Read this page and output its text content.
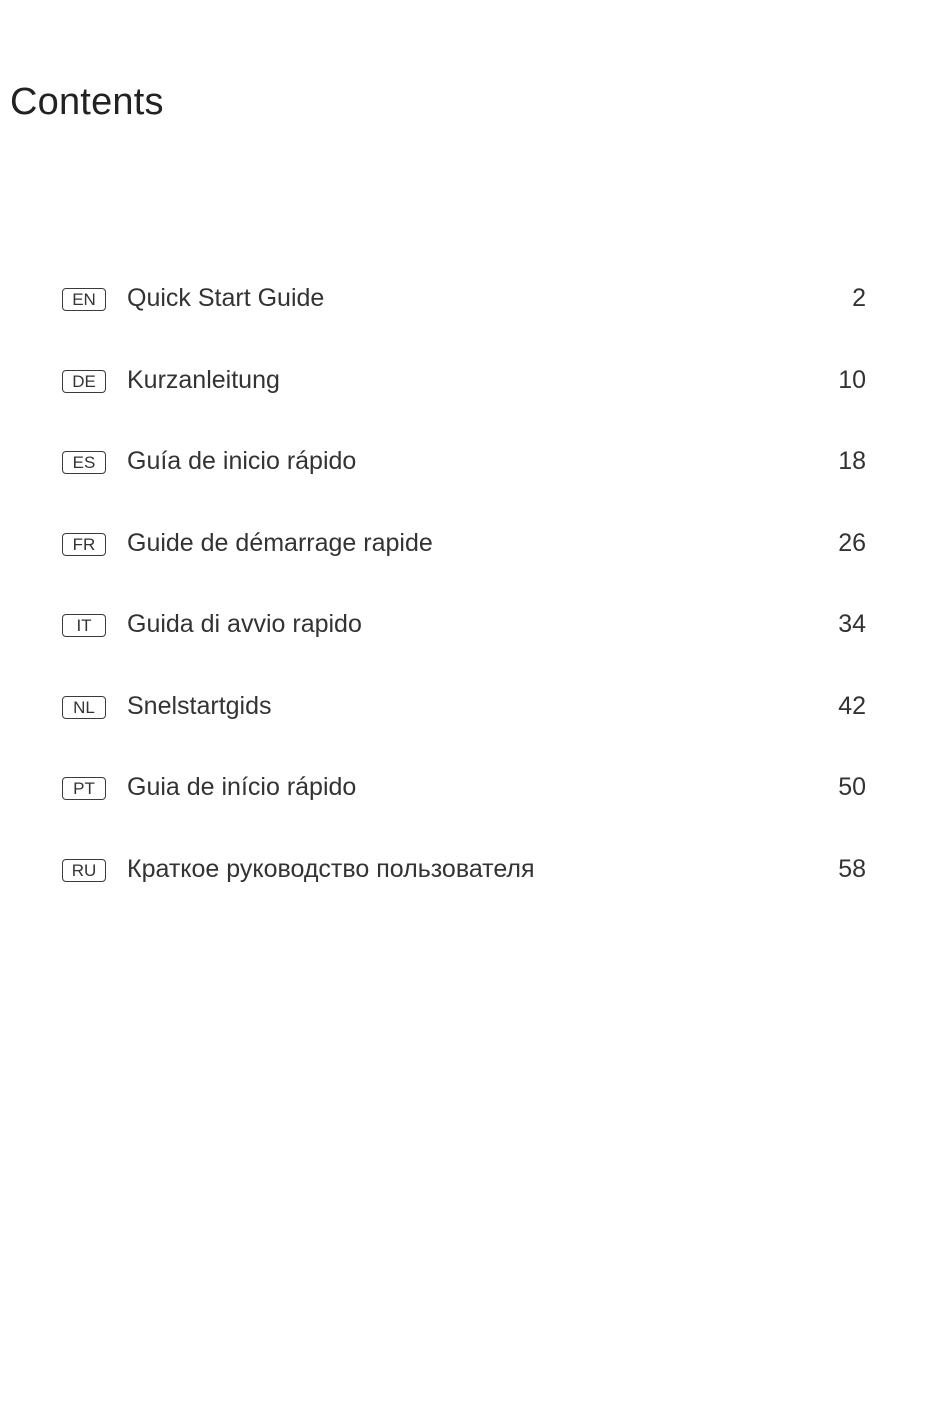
Contents
EN	Quick Start Guide	2
DE	Kurzanleitung	10
ES	Guía de inicio rápido	18
FR	Guide de démarrage rapide	26
IT	Guida di avvio rapido	34
NL	Snelstartgids	42
PT	Guia de início rápido	50
RU	Краткое руководство пользователя	58
